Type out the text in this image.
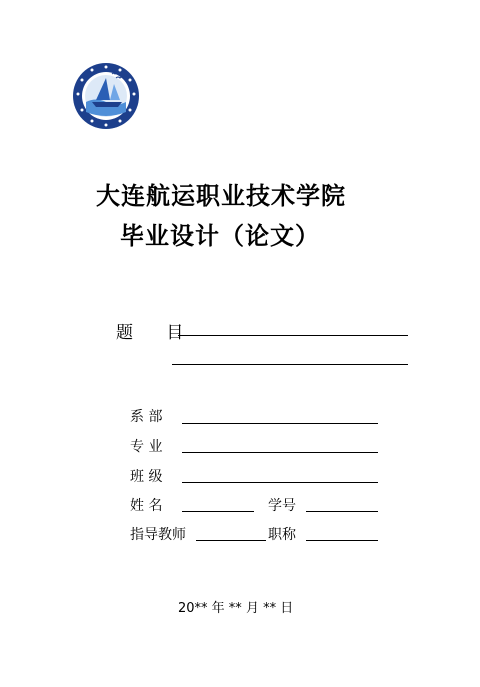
大连航运职业技术学院
毕业设计（论文）
题 目
系 部
专 业
班 级
姓 名	学号
指导教师	职称
20** 年 ** 月 ** 日
